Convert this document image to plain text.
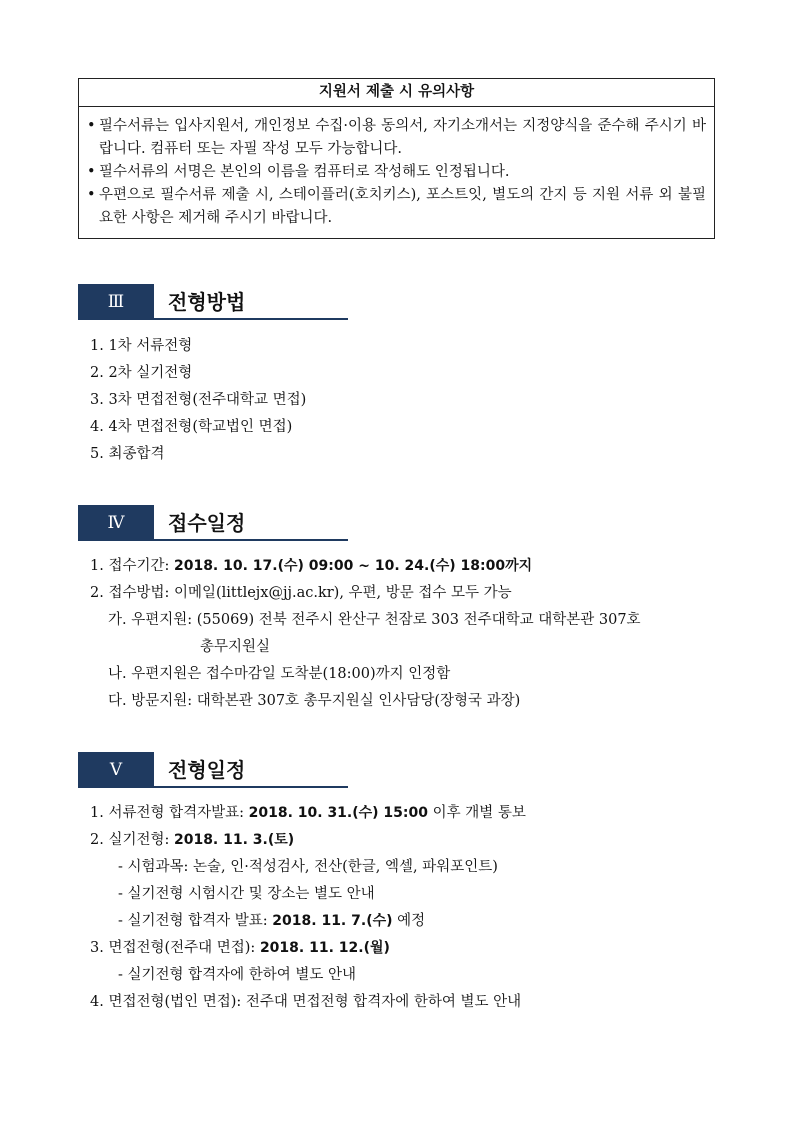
지원서 제출 시 유의사항
• 필수서류는 입사지원서, 개인정보 수집·이용 동의서, 자기소개서는 지정양식을 준수해 주시기 바랍니다. 컴퓨터 또는 자필 작성 모두 가능합니다.
• 필수서류의 서명은 본인의 이름을 컴퓨터로 작성해도 인정됩니다.
• 우편으로 필수서류 제출 시, 스테이플러(호치키스), 포스트잇, 별도의 간지 등 지원 서류 외 불필요한 사항은 제거해 주시기 바랍니다.
Ⅲ	전형방법
1. 1차 서류전형
2. 2차 실기전형
3. 3차 면접전형(전주대학교 면접)
4. 4차 면접전형(학교법인 면접)
5. 최종합격
Ⅳ	접수일정
1. 접수기간: 2018. 10. 17.(수) 09:00 ~ 10. 24.(수) 18:00까지
2. 접수방법: 이메일(littlejx@jj.ac.kr), 우편, 방문 접수 모두 가능
가. 우편지원: (55069) 전북 전주시 완산구 천잠로 303 전주대학교 대학본관 307호
총무지원실
나. 우편지원은 접수마감일 도착분(18:00)까지 인정함
다. 방문지원: 대학본관 307호 총무지원실 인사담당(장형국 과장)
Ⅴ	전형일정
1. 서류전형 합격자발표: 2018. 10. 31.(수) 15:00 이후 개별 통보
2. 실기전형: 2018. 11. 3.(토)
- 시험과목: 논술, 인·적성검사, 전산(한글, 엑셀, 파워포인트)
- 실기전형 시험시간 및 장소는 별도 안내
- 실기전형 합격자 발표: 2018. 11. 7.(수) 예정
3. 면접전형(전주대 면접): 2018. 11. 12.(월)
- 실기전형 합격자에 한하여 별도 안내
4. 면접전형(법인 면접): 전주대 면접전형 합격자에 한하여 별도 안내
